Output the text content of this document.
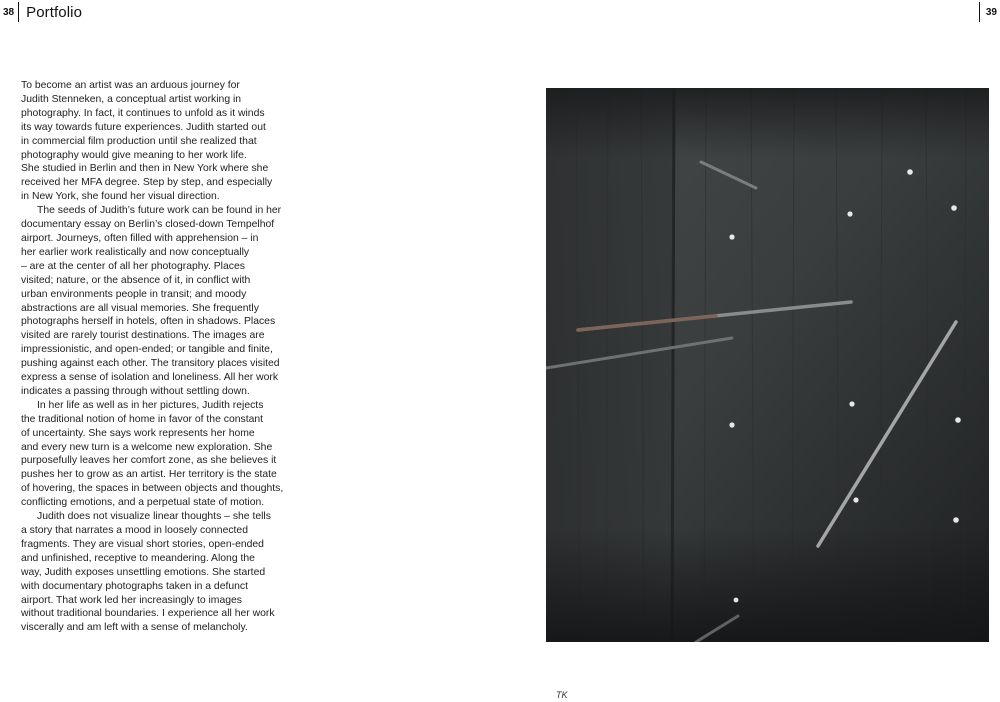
38 Portfolio	39
To become an artist was an arduous journey for
Judith Stenneken, a conceptual artist working in
photography. In fact, it continues to unfold as it winds
its way towards future experiences. Judith started out
in commercial film production until she realized that
photography would give meaning to her work life.
She studied in Berlin and then in New York where she
received her MFA degree. Step by step, and especially
in New York, she found her visual direction.
The seeds of Judith’s future work can be found in her
documentary essay on Berlin’s closed-down Tempelhof
airport. Journeys, often filled with apprehension – in
her earlier work realistically and now conceptually
– are at the center of all her photography. Places
visited; nature, or the absence of it, in conflict with
urban environments people in transit; and moody
abstractions are all visual memories. She frequently
photographs herself in hotels, often in shadows. Places
visited are rarely tourist destinations. The images are
impressionistic, and open-ended; or tangible and finite,
pushing against each other. The transitory places visited
express a sense of isolation and loneliness. All her work
indicates a passing through without settling down.
In her life as well as in her pictures, Judith rejects
the traditional notion of home in favor of the constant
of uncertainty. She says work represents her home
and every new turn is a welcome new exploration. She
purposefully leaves her comfort zone, as she believes it
pushes her to grow as an artist. Her territory is the state
of hovering, the spaces in between objects and thoughts,
conflicting emotions, and a perpetual state of motion.
Judith does not visualize linear thoughts – she tells
a story that narrates a mood in loosely connected
fragments. They are visual short stories, open-ended
and unfinished, receptive to meandering. Along the
way, Judith exposes unsettling emotions. She started
with documentary photographs taken in a defunct
airport. That work led her increasingly to images
without traditional boundaries. I experience all her work
viscerally and am left with a sense of melancholy.
TK
